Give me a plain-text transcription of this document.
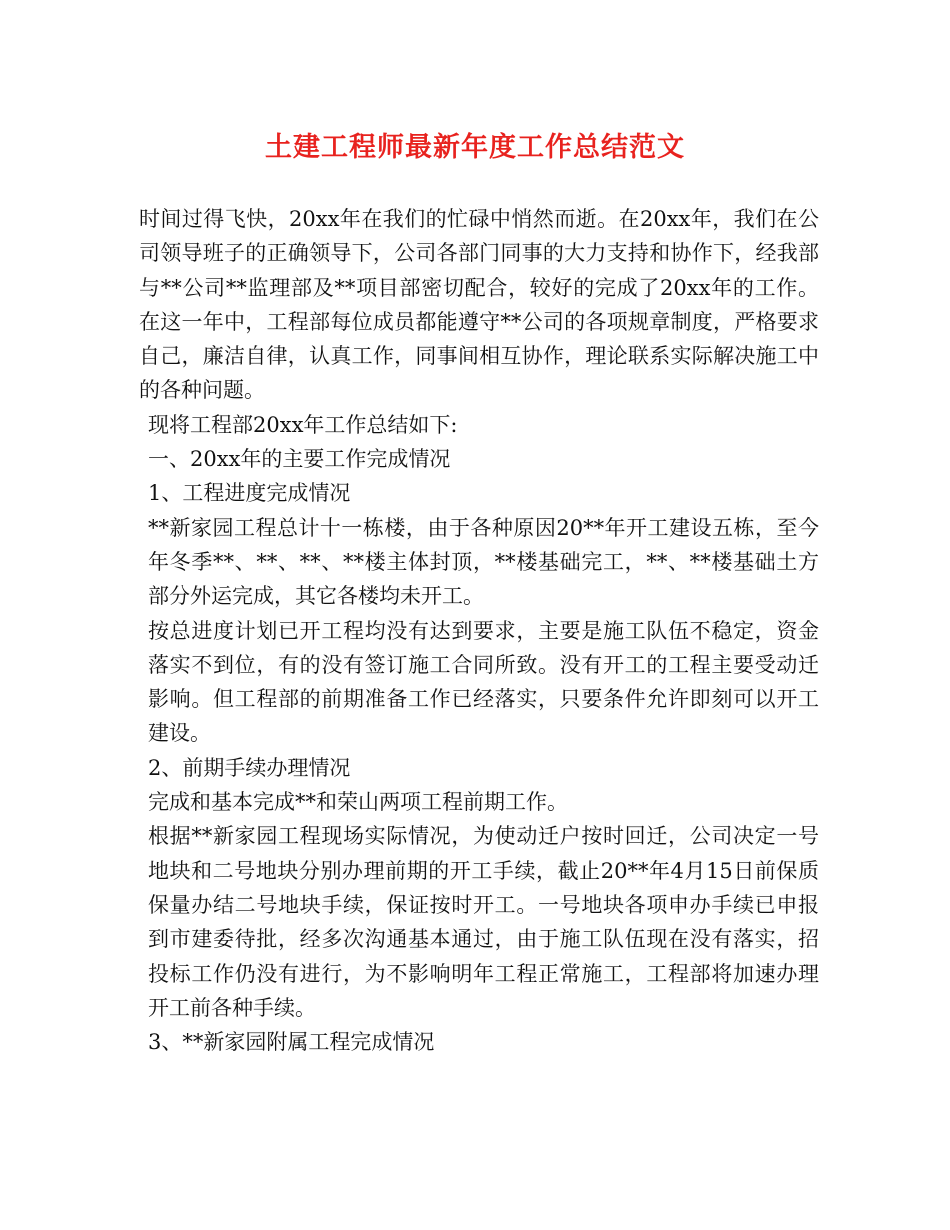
土建工程师最新年度工作总结范文

时间过得飞快，20xx年在我们的忙碌中悄然而逝。在20xx年，我们在公司领导班子的正确领导下，公司各部门同事的大力支持和协作下，经我部与**公司**监理部及**项目部密切配合，较好的完成了20xx年的工作。在这一年中，工程部每位成员都能遵守**公司的各项规章制度，严格要求自己，廉洁自律，认真工作，同事间相互协作，理论联系实际解决施工中的各种问题。

现将工程部20xx年工作总结如下:

一、20xx年的主要工作完成情况

1、工程进度完成情况

**新家园工程总计十一栋楼，由于各种原因20**年开工建设五栋，至今年冬季**、**、**、**楼主体封顶，**楼基础完工，**、**楼基础土方部分外运完成，其它各楼均未开工。

按总进度计划已开工程均没有达到要求，主要是施工队伍不稳定，资金落实不到位，有的没有签订施工合同所致。没有开工的工程主要受动迁影响。但工程部的前期准备工作已经落实，只要条件允许即刻可以开工建设。

2、前期手续办理情况

完成和基本完成**和荣山两项工程前期工作。

根据**新家园工程现场实际情况，为使动迁户按时回迁，公司决定一号地块和二号地块分别办理前期的开工手续，截止20**年4月15日前保质保量办结二号地块手续，保证按时开工。一号地块各项申办手续已申报到市建委待批，经多次沟通基本通过，由于施工队伍现在没有落实，招投标工作仍没有进行，为不影响明年工程正常施工，工程部将加速办理开工前各种手续。

3、**新家园附属工程完成情况
